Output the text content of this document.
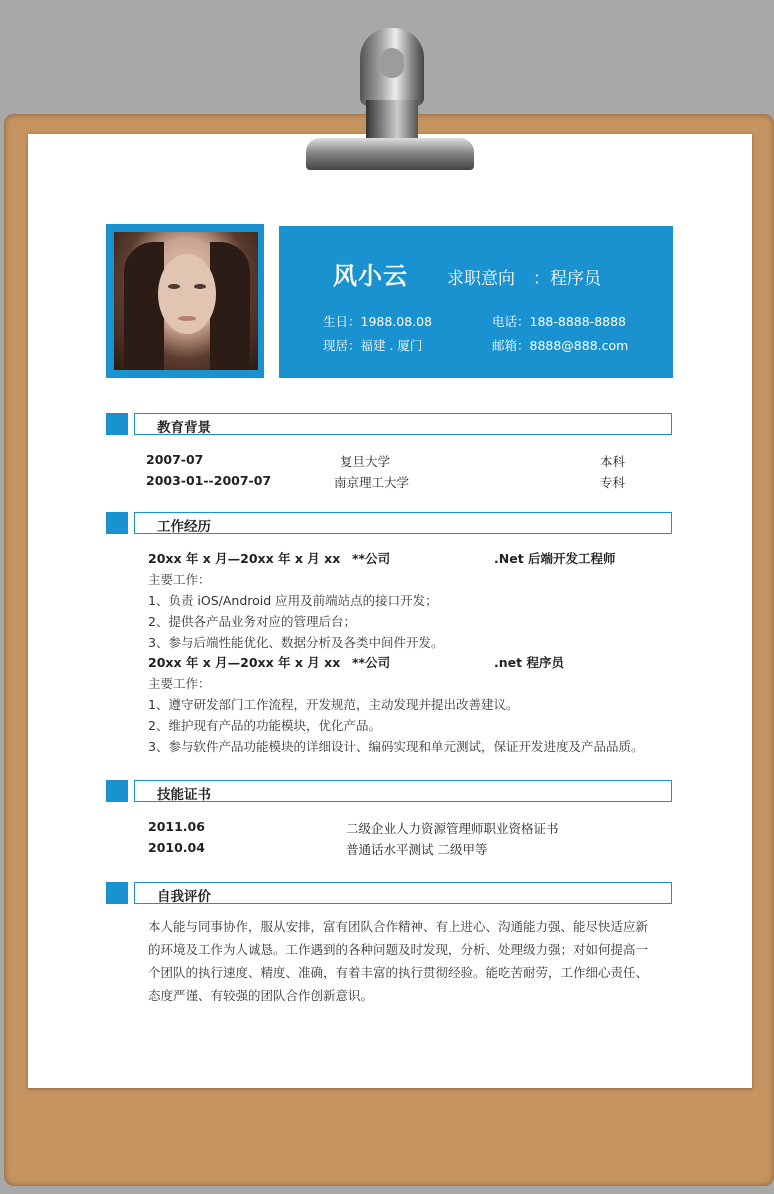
风小云 求职意向 ：程序员
生日：1988.08.08
现居：福建 . 厦门
电话：188-8888-8888
邮箱：8888@888.com
教育背景
2007-07	复旦大学	本科
2003-01--2007-07	南京理工大学	专科
工作经历
20xx 年 x 月—20xx 年 x 月 xx **公司	.Net 后端开发工程师
主要工作：
1、负责 iOS/Android 应用及前端站点的接口开发；
2、提供各产品业务对应的管理后台；
3、参与后端性能优化、数据分析及各类中间件开发。
20xx 年 x 月—20xx 年 x 月 xx **公司	.net 程序员
主要工作：
1、遵守研发部门工作流程，开发规范，主动发现并提出改善建议。
2、维护现有产品的功能模块，优化产品。
3、参与软件产品功能模块的详细设计、编码实现和单元测试，保证开发进度及产品品质。
技能证书
2011.06	二级企业人力资源管理师职业资格证书
2010.04	普通话水平测试 二级甲等
自我评价
本人能与同事协作，服从安排，富有团队合作精神、有上进心、沟通能力强、能尽快适应新的环境及工作为人诚恳。工作遇到的各种问题及时发现，分析、处理级力强；对如何提高一个团队的执行速度、精度、准确，有着丰富的执行贯彻经验。能吃苦耐劳，工作细心责任、态度严谨、有较强的团队合作创新意识。
